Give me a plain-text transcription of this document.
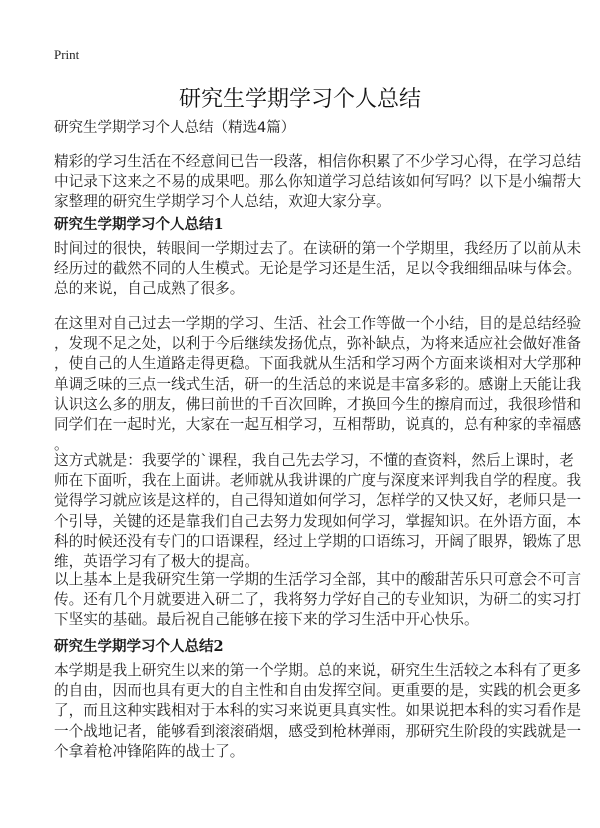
Print
研究生学期学习个人总结
研究生学期学习个人总结（精选4篇）
精彩的学习生活在不经意间已告一段落，相信你积累了不少学习心得，在学习总结
中记录下这来之不易的成果吧。那么你知道学习总结该如何写吗？以下是小编帮大
家整理的研究生学期学习个人总结，欢迎大家分享。
研究生学期学习个人总结1
时间过的很快，转眼间一学期过去了。在读研的第一个学期里，我经历了以前从未
经历过的截然不同的人生模式。无论是学习还是生活，足以令我细细品味与体会。
总的来说，自己成熟了很多。
在这里对自己过去一学期的学习、生活、社会工作等做一个小结，目的是总结经验
，发现不足之处，以利于今后继续发扬优点，弥补缺点，为将来适应社会做好准备
，使自己的人生道路走得更稳。下面我就从生活和学习两个方面来谈相对大学那种
单调乏味的三点一线式生活，研一的生活总的来说是丰富多彩的。感谢上天能让我
认识这么多的朋友，佛曰前世的千百次回眸，才换回今生的擦肩而过，我很珍惜和
同学们在一起时光，大家在一起互相学习，互相帮助，说真的，总有种家的幸福感
。
这方式就是：我要学的`课程，我自己先去学习，不懂的查资料，然后上课时，老
师在下面听，我在上面讲。老师就从我讲课的广度与深度来评判我自学的程度。我
觉得学习就应该是这样的，自己得知道如何学习，怎样学的又快又好，老师只是一
个引导，关键的还是靠我们自己去努力发现如何学习，掌握知识。在外语方面，本
科的时候还没有专门的口语课程，经过上学期的口语练习，开阔了眼界，锻炼了思
维，英语学习有了极大的提高。
以上基本上是我研究生第一学期的生活学习全部，其中的酸甜苦乐只可意会不可言
传。还有几个月就要进入研二了，我将努力学好自己的专业知识，为研二的实习打
下坚实的基础。最后祝自己能够在接下来的学习生活中开心快乐。
研究生学期学习个人总结2
本学期是我上研究生以来的第一个学期。总的来说，研究生生活较之本科有了更多
的自由，因而也具有更大的自主性和自由发挥空间。更重要的是，实践的机会更多
了，而且这种实践相对于本科的实习来说更具真实性。如果说把本科的实习看作是
一个战地记者，能够看到滚滚硝烟，感受到枪林弹雨，那研究生阶段的实践就是一
个拿着枪冲锋陷阵的战士了。
